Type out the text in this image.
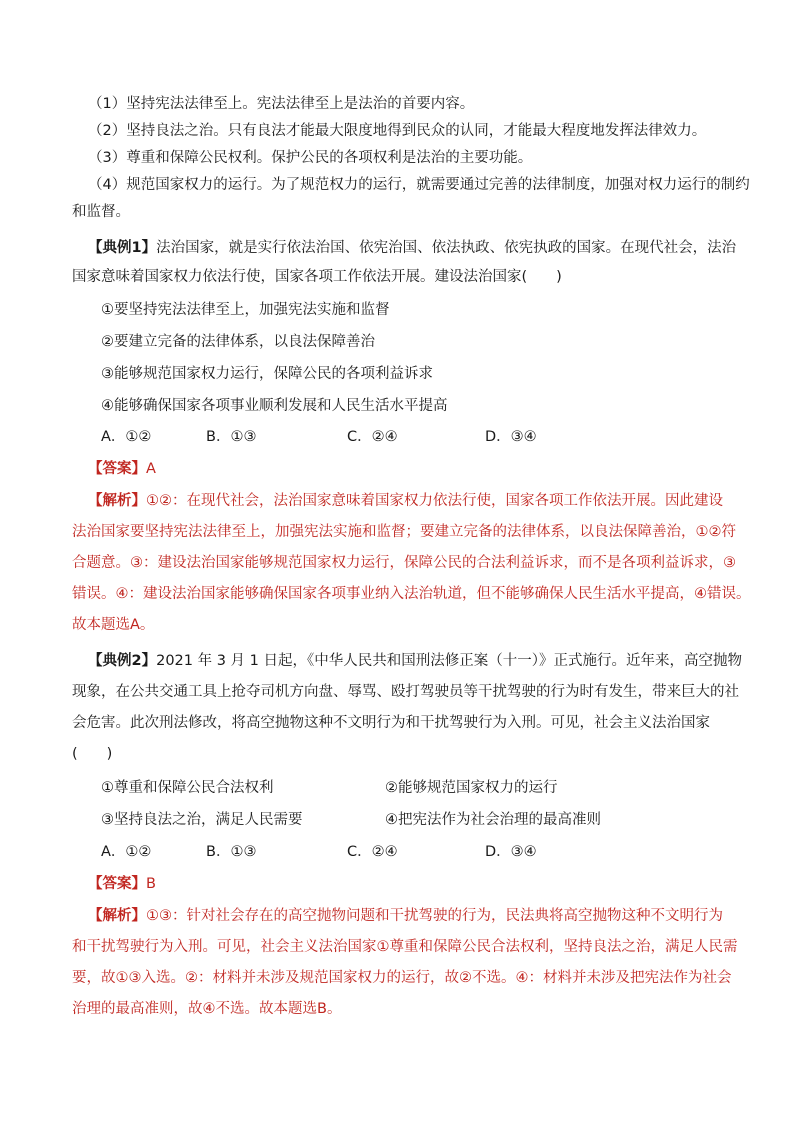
（1）坚持宪法法律至上。宪法法律至上是法治的首要内容。
（2）坚持良法之治。只有良法才能最大限度地得到民众的认同，才能最大程度地发挥法律效力。
（3）尊重和保障公民权利。保护公民的各项权利是法治的主要功能。
（4）规范国家权力的运行。为了规范权力的运行，就需要通过完善的法律制度，加强对权力运行的制约
和监督。
【典例1】法治国家，就是实行依法治国、依宪治国、依法执政、依宪执政的国家。在现代社会，法治
国家意味着国家权力依法行使，国家各项工作依法开展。建设法治国家(　　)
①要坚持宪法法律至上，加强宪法实施和监督
②要建立完备的法律体系，以良法保障善治
③能够规范国家权力运行，保障公民的各项利益诉求
④能够确保国家各项事业顺利发展和人民生活水平提高
A．①②	B．①③	C．②④	D．③④
【答案】A
【解析】①②：在现代社会，法治国家意味着国家权力依法行使，国家各项工作依法开展。因此建设
法治国家要坚持宪法法律至上，加强宪法实施和监督；要建立完备的法律体系，以良法保障善治，①②符
合题意。③：建设法治国家能够规范国家权力运行，保障公民的合法利益诉求，而不是各项利益诉求，③
错误。④：建设法治国家能够确保国家各项事业纳入法治轨道，但不能够确保人民生活水平提高，④错误。
故本题选A。
【典例2】2021 年 3 月 1 日起，《中华人民共和国刑法修正案（十一）》正式施行。近年来，高空抛物
现象，在公共交通工具上抢夺司机方向盘、辱骂、殴打驾驶员等干扰驾驶的行为时有发生，带来巨大的社
会危害。此次刑法修改，将高空抛物这种不文明行为和干扰驾驶行为入刑。可见，社会主义法治国家
(　　)
①尊重和保障公民合法权利	②能够规范国家权力的运行
③坚持良法之治，满足人民需要	④把宪法作为社会治理的最高准则
A．①②	B．①③	C．②④	D．③④
【答案】B
【解析】①③：针对社会存在的高空抛物问题和干扰驾驶的行为，民法典将高空抛物这种不文明行为
和干扰驾驶行为入刑。可见，社会主义法治国家①尊重和保障公民合法权利，坚持良法之治，满足人民需
要，故①③入选。②：材料并未涉及规范国家权力的运行，故②不选。④：材料并未涉及把宪法作为社会
治理的最高准则，故④不选。故本题选B。
